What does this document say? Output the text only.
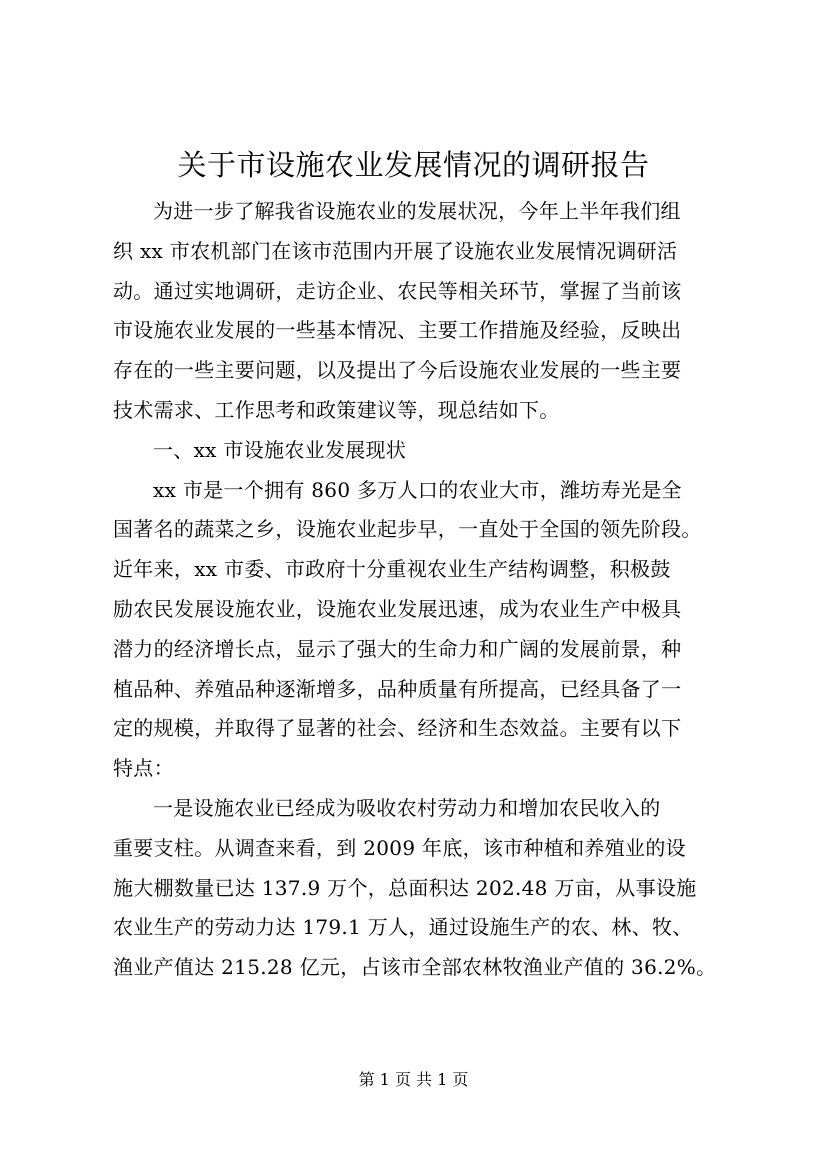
关于市设施农业发展情况的调研报告
为进一步了解我省设施农业的发展状况，今年上半年我们组
织 xx 市农机部门在该市范围内开展了设施农业发展情况调研活
动。通过实地调研，走访企业、农民等相关环节，掌握了当前该
市设施农业发展的一些基本情况、主要工作措施及经验，反映出
存在的一些主要问题，以及提出了今后设施农业发展的一些主要
技术需求、工作思考和政策建议等，现总结如下。
一、xx 市设施农业发展现状
xx 市是一个拥有 860 多万人口的农业大市，潍坊寿光是全
国著名的蔬菜之乡，设施农业起步早，一直处于全国的领先阶段。
近年来，xx 市委、市政府十分重视农业生产结构调整，积极鼓
励农民发展设施农业，设施农业发展迅速，成为农业生产中极具
潜力的经济增长点，显示了强大的生命力和广阔的发展前景，种
植品种、养殖品种逐渐增多，品种质量有所提高，已经具备了一
定的规模，并取得了显著的社会、经济和生态效益。主要有以下
特点：
一是设施农业已经成为吸收农村劳动力和增加农民收入的
重要支柱。从调查来看，到 2009 年底，该市种植和养殖业的设
施大棚数量已达 137.9 万个，总面积达 202.48 万亩，从事设施
农业生产的劳动力达 179.1 万人，通过设施生产的农、林、牧、
渔业产值达 215.28 亿元，占该市全部农林牧渔业产值的 36.2%。
第 1 页 共 1 页
